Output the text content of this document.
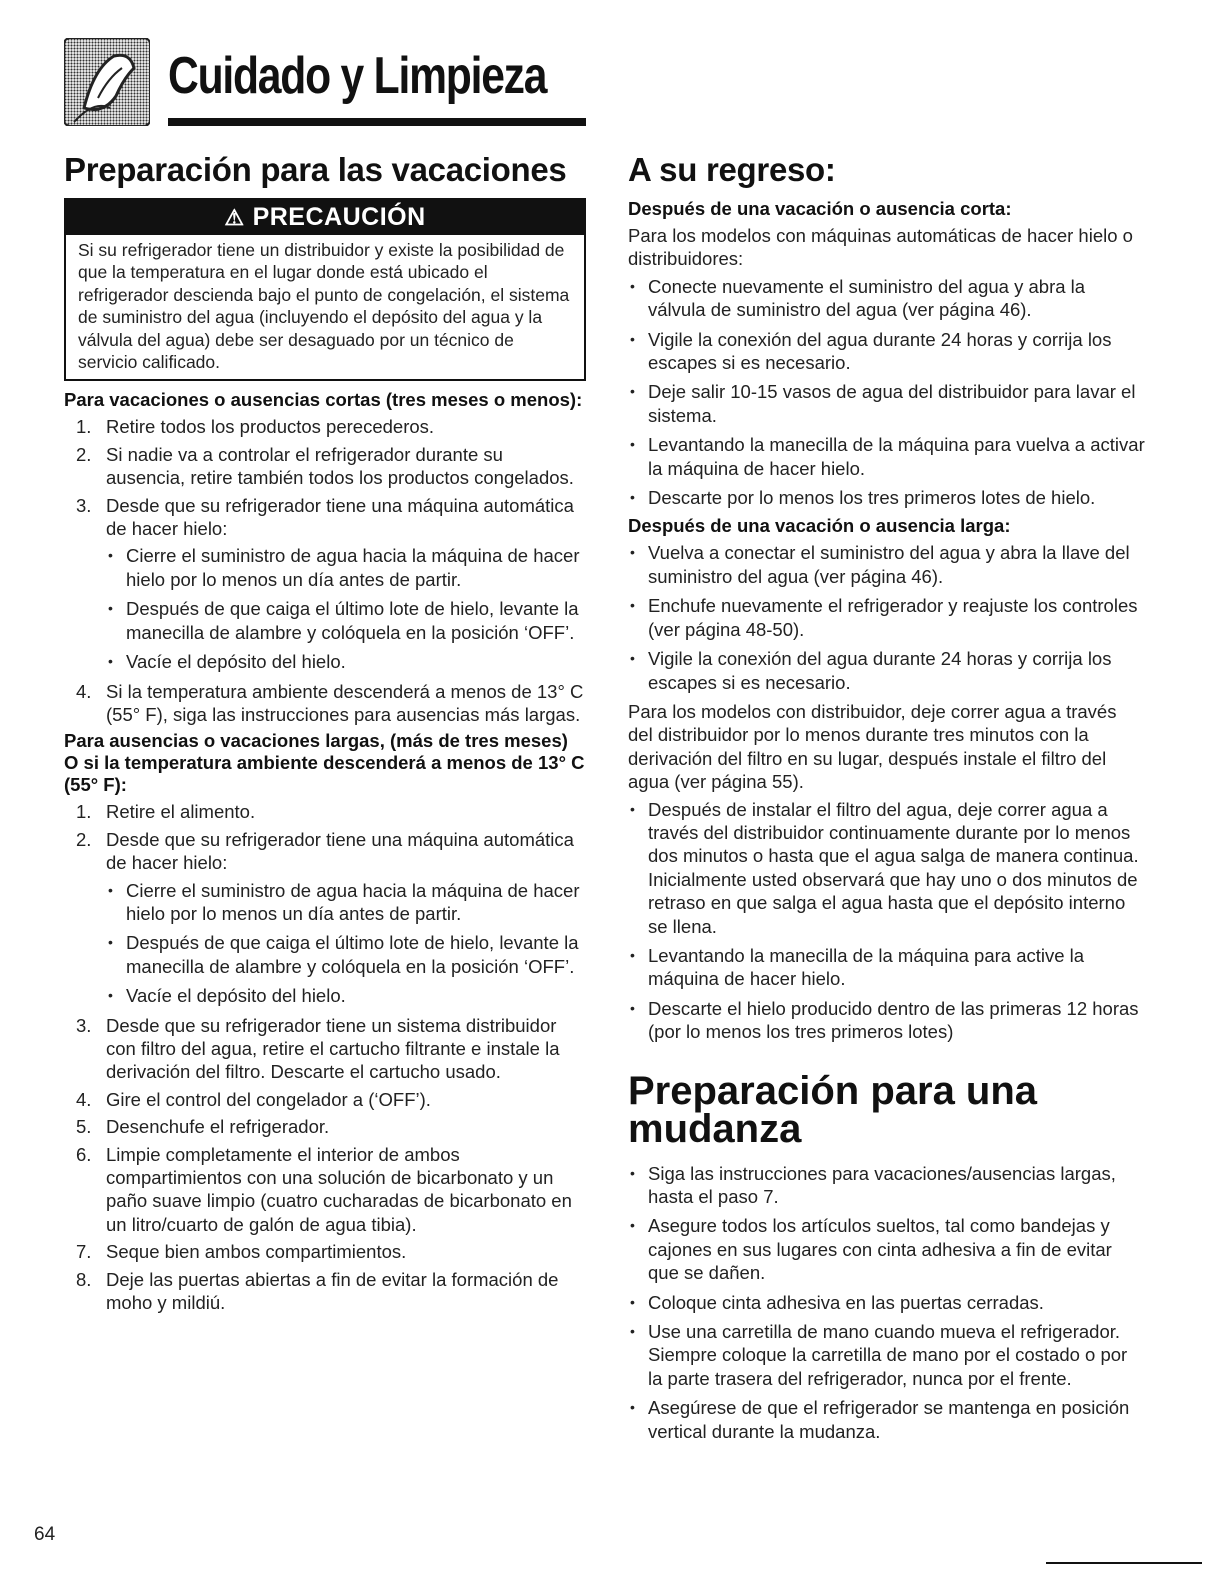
Cuidado y Limpieza
Preparación para las vacaciones
⚠ PRECAUCIÓN
Si su refrigerador tiene un distribuidor y existe la posibilidad de que la temperatura en el lugar donde está ubicado el refrigerador descienda bajo el punto de congelación, el sistema de suministro del agua (incluyendo el depósito del agua y la válvula del agua) debe ser desaguado por un técnico de servicio calificado.
Para vacaciones o ausencias cortas (tres meses o menos):
1. Retire todos los productos perecederos.
2. Si nadie va a controlar el refrigerador durante su ausencia, retire también todos los productos congelados.
3. Desde que su refrigerador tiene una máquina automática de hacer hielo:
• Cierre el suministro de agua hacia la máquina de hacer hielo por lo menos un día antes de partir.
• Después de que caiga el último lote de hielo, levante la manecilla de alambre y colóquela en la posición ‘OFF’.
• Vacíe el depósito del hielo.
4. Si la temperatura ambiente descenderá a menos de 13° C (55° F), siga las instrucciones para ausencias más largas.
Para ausencias o vacaciones largas, (más de tres meses) O si la temperatura ambiente descenderá a menos de 13° C (55° F):
1. Retire el alimento.
2. Desde que su refrigerador tiene una máquina automática de hacer hielo:
• Cierre el suministro de agua hacia la máquina de hacer hielo por lo menos un día antes de partir.
• Después de que caiga el último lote de hielo, levante la manecilla de alambre y colóquela en la posición ‘OFF’.
• Vacíe el depósito del hielo.
3. Desde que su refrigerador tiene un sistema distribuidor con filtro del agua, retire el cartucho filtrante e instale la derivación del filtro. Descarte el cartucho usado.
4. Gire el control del congelador a (‘OFF’).
5. Desenchufe el refrigerador.
6. Limpie completamente el interior de ambos compartimientos con una solución de bicarbonato y un paño suave limpio (cuatro cucharadas de bicarbonato en un litro/cuarto de galón de agua tibia).
7. Seque bien ambos compartimientos.
8. Deje las puertas abiertas a fin de evitar la formación de moho y mildiú.
A su regreso:
Después de una vacación o ausencia corta:
Para los modelos con máquinas automáticas de hacer hielo o distribuidores:
• Conecte nuevamente el suministro del agua y abra la válvula de suministro del agua (ver página 46).
• Vigile la conexión del agua durante 24 horas y corrija los escapes si es necesario.
• Deje salir 10-15 vasos de agua del distribuidor para lavar el sistema.
• Levantando la manecilla de la máquina para vuelva a activar la máquina de hacer hielo.
• Descarte por lo menos los tres primeros lotes de hielo.
Después de una vacación o ausencia larga:
• Vuelva a conectar el suministro del agua y abra la llave del suministro del agua (ver página 46).
• Enchufe nuevamente el refrigerador y reajuste los controles (ver página 48-50).
• Vigile la conexión del agua durante 24 horas y corrija los escapes si es necesario.
Para los modelos con distribuidor, deje correr agua a través del distribuidor por lo menos durante tres minutos con la derivación del filtro en su lugar, después instale el filtro del agua (ver página 55).
• Después de instalar el filtro del agua, deje correr agua a través del distribuidor continuamente durante por lo menos dos minutos o hasta que el agua salga de manera continua. Inicialmente usted observará que hay uno o dos minutos de retraso en que salga el agua hasta que el depósito interno se llena.
• Levantando la manecilla de la máquina para active la máquina de hacer hielo.
• Descarte el hielo producido dentro de las primeras 12 horas (por lo menos los tres primeros lotes)
Preparación para una mudanza
• Siga las instrucciones para vacaciones/ausencias largas, hasta el paso 7.
• Asegure todos los artículos sueltos, tal como bandejas y cajones en sus lugares con cinta adhesiva a fin de evitar que se dañen.
• Coloque cinta adhesiva en las puertas cerradas.
• Use una carretilla de mano cuando mueva el refrigerador. Siempre coloque la carretilla de mano por el costado o por la parte trasera del refrigerador, nunca por el frente.
• Asegúrese de que el refrigerador se mantenga en posición vertical durante la mudanza.
64
